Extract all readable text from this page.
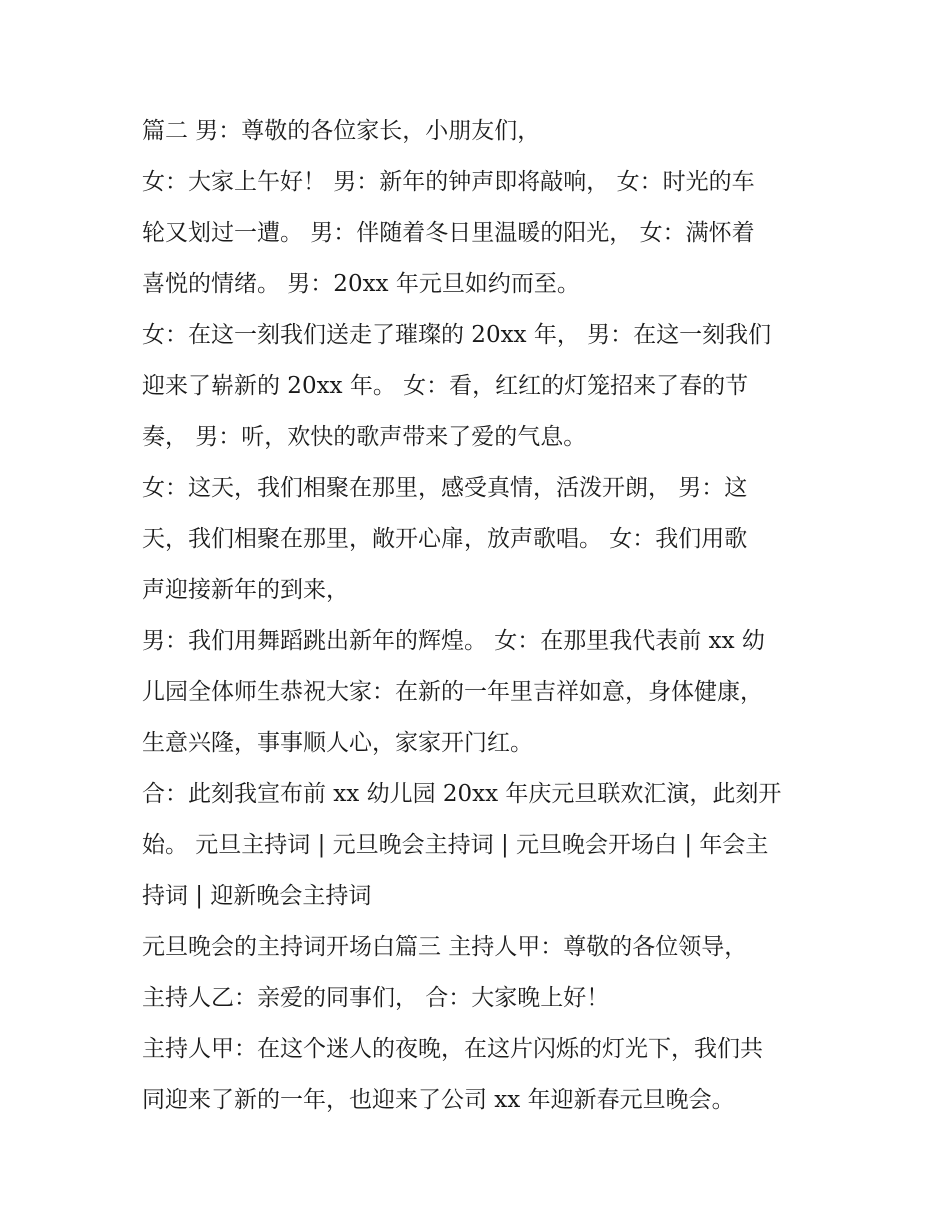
篇二 男：尊敬的各位家长，小朋友们，
女：大家上午好！ 男：新年的钟声即将敲响， 女：时光的车
轮又划过一遭。 男：伴随着冬日里温暖的阳光， 女：满怀着
喜悦的情绪。 男：20xx 年元旦如约而至。
女：在这一刻我们送走了璀璨的 20xx 年， 男：在这一刻我们
迎来了崭新的 20xx 年。 女：看，红红的灯笼招来了春的节
奏， 男：听，欢快的歌声带来了爱的气息。
女：这天，我们相聚在那里，感受真情，活泼开朗， 男：这
天，我们相聚在那里，敞开心扉，放声歌唱。 女：我们用歌
声迎接新年的到来，
男：我们用舞蹈跳出新年的辉煌。 女：在那里我代表前 xx 幼
儿园全体师生恭祝大家：在新的一年里吉祥如意，身体健康，
生意兴隆，事事顺人心，家家开门红。
合：此刻我宣布前 xx 幼儿园 20xx 年庆元旦联欢汇演，此刻开
始。 元旦主持词 | 元旦晚会主持词 | 元旦晚会开场白 | 年会主
持词 | 迎新晚会主持词
元旦晚会的主持词开场白篇三 主持人甲：尊敬的各位领导，
主持人乙：亲爱的同事们， 合：大家晚上好！
主持人甲：在这个迷人的夜晚，在这片闪烁的灯光下，我们共
同迎来了新的一年，也迎来了公司 xx 年迎新春元旦晚会。
